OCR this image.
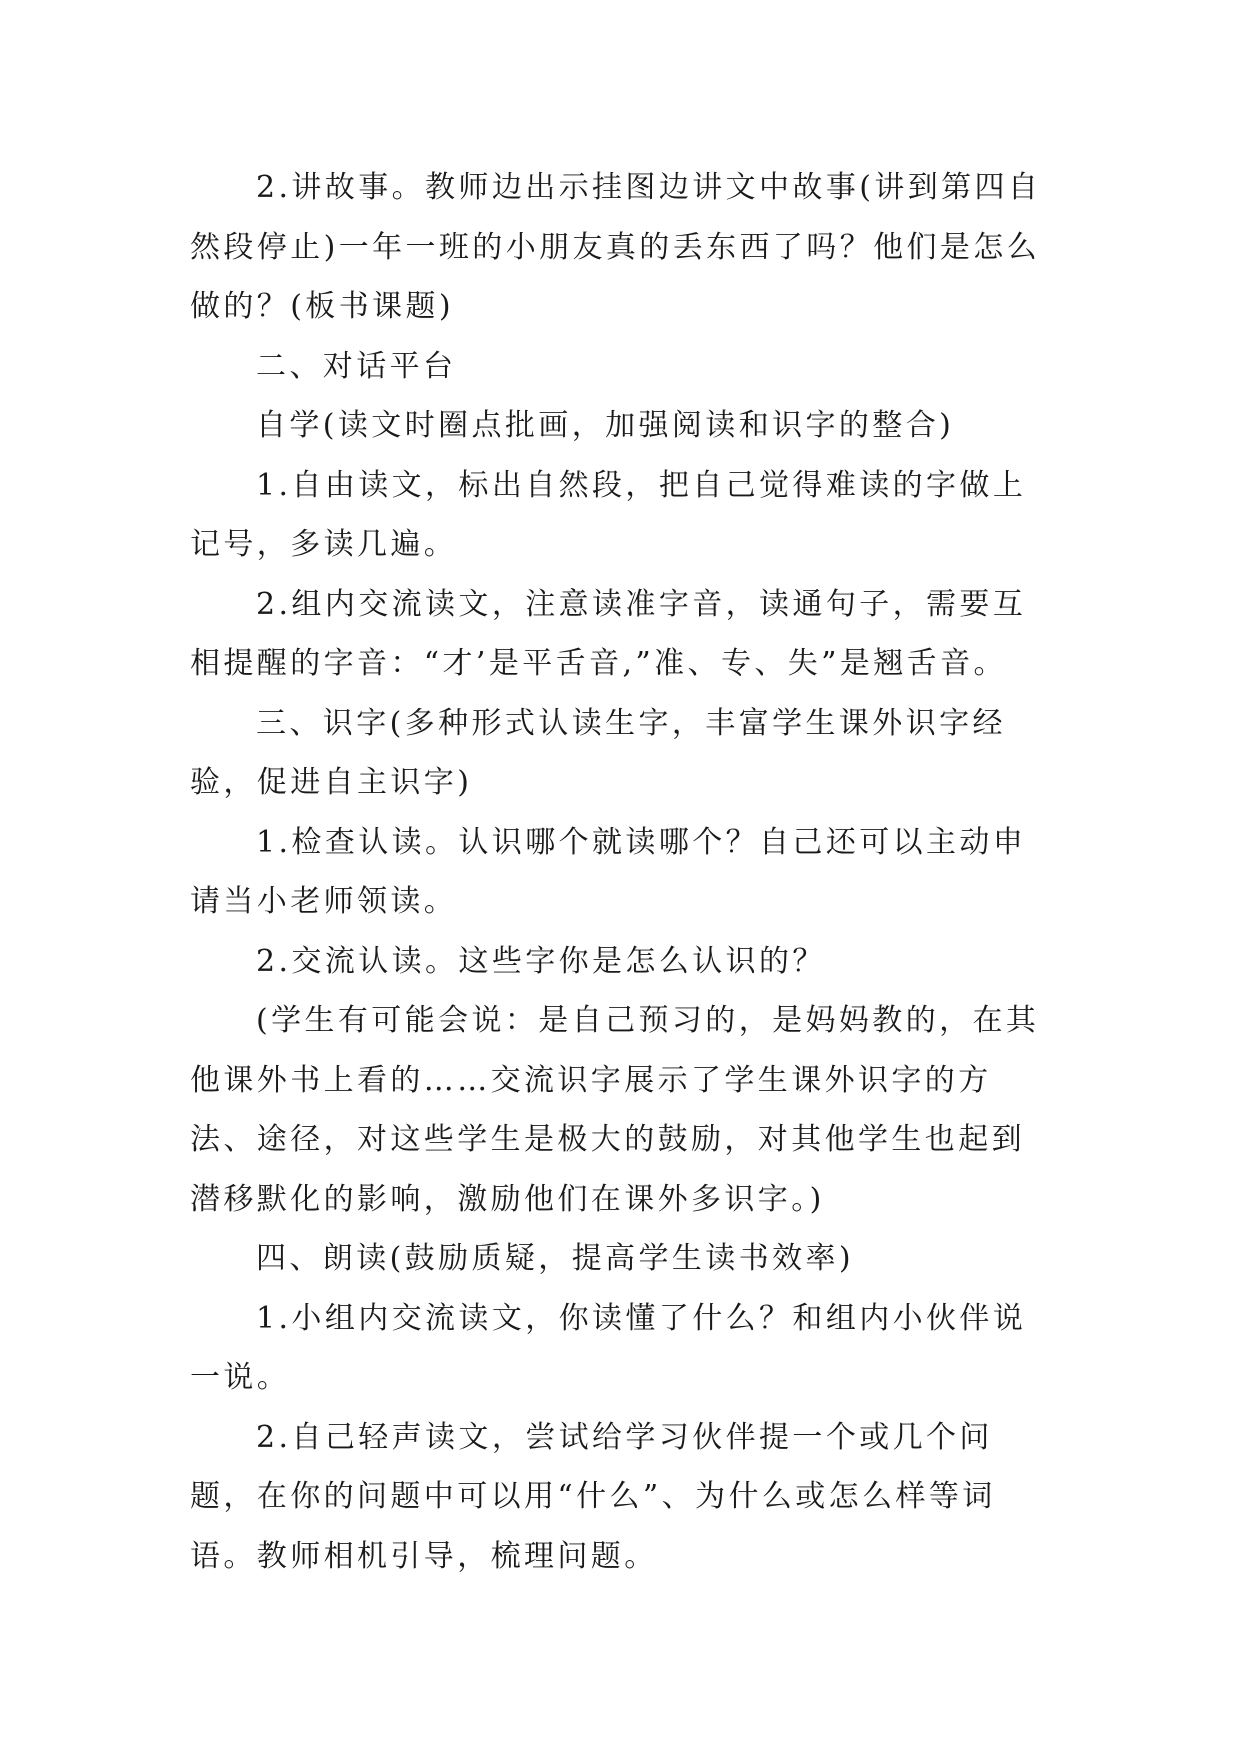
2.讲故事。教师边出示挂图边讲文中故事(讲到第四自然段停止)一年一班的小朋友真的丢东西了吗？他们是怎么做的？(板书课题)

二、对话平台

自学(读文时圈点批画，加强阅读和识字的整合)

1.自由读文，标出自然段，把自己觉得难读的字做上记号，多读几遍。

2.组内交流读文，注意读准字音，读通句子，需要互相提醒的字音：“才’是平舌音,”准、专、失”是翘舌音。

三、识字(多种形式认读生字，丰富学生课外识字经验，促进自主识字)

1.检查认读。认识哪个就读哪个？自己还可以主动申请当小老师领读。

2.交流认读。这些字你是怎么认识的？

(学生有可能会说：是自己预习的，是妈妈教的，在其他课外书上看的……交流识字展示了学生课外识字的方法、途径，对这些学生是极大的鼓励，对其他学生也起到潜移默化的影响，激励他们在课外多识字。)

四、朗读(鼓励质疑，提高学生读书效率)

1.小组内交流读文，你读懂了什么？和组内小伙伴说一说。

2.自己轻声读文，尝试给学习伙伴提一个或几个问题，在你的问题中可以用“什么”、为什么或怎么样等词语。教师相机引导，梳理问题。
